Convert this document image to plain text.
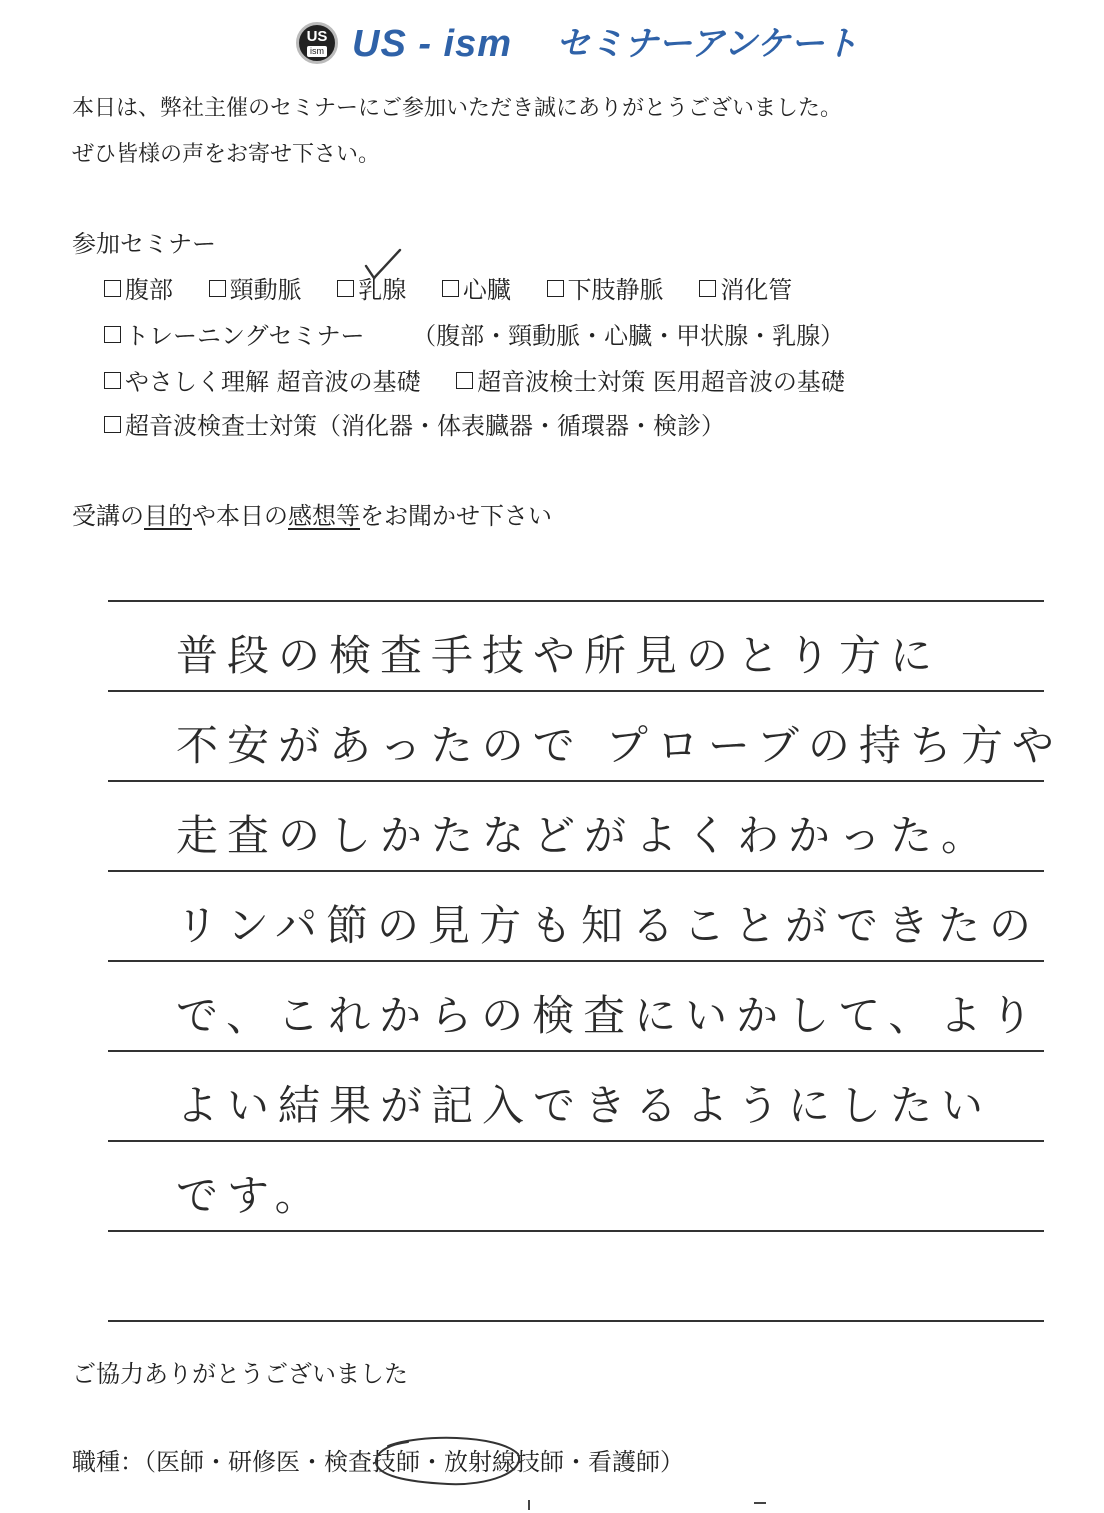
US
ism US - ism セミナーアンケート
本日は、弊社主催のセミナーにご参加いただき誠にありがとうございました。
ぜひ皆様の声をお寄せ下さい。
参加セミナー
腹部 頸動脈 乳腺 心臓 下肢静脈 消化管
トレーニングセミナー （腹部・頸動脈・心臓・甲状腺・乳腺）
やさしく理解 超音波の基礎 超音波検士対策 医用超音波の基礎
超音波検査士対策（消化器・体表臓器・循環器・検診）
受講の目的や本日の感想等をお聞かせ下さい
普段の検査手技や所見のとり方に
不安があったので プローブの持ち方や
走査のしかたなどがよくわかった。
リンパ節の見方も知ることができたの
で、これからの検査にいかして、より
よい結果が記入できるようにしたい
です。
ご協力ありがとうございました
職種：（医師・研修医・検査技師・放射線技師・看護師）
